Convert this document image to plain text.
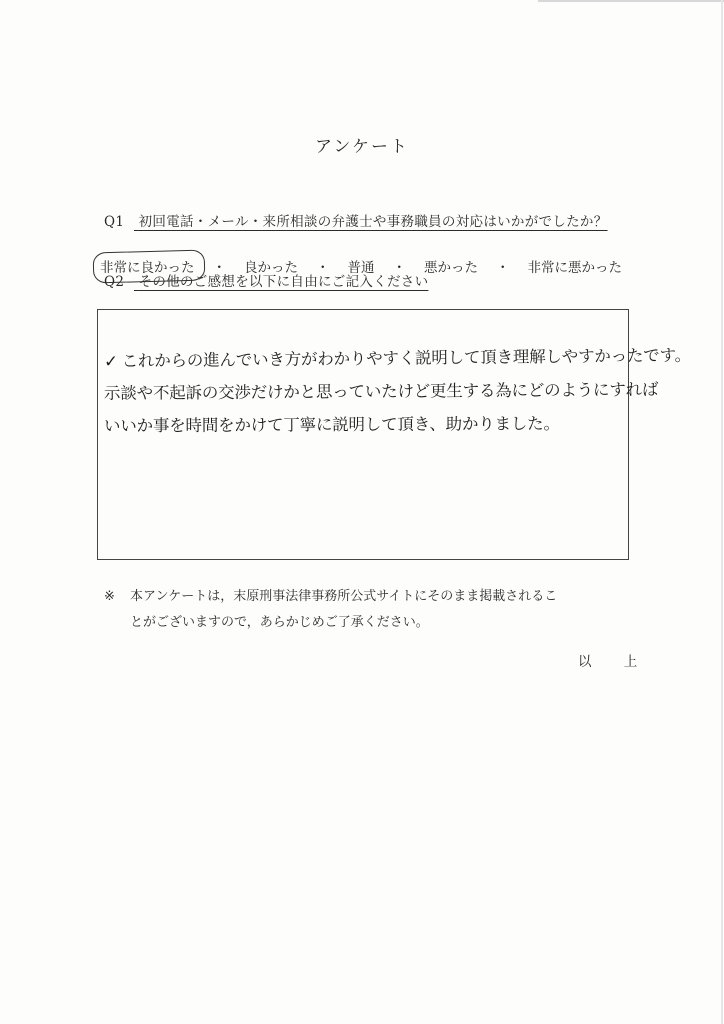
アンケート
Q1 初回電話・メール・来所相談の弁護士や事務職員の対応はいかがでしたか？
非常に良かった ・ 良かった ・ 普通 ・ 悪かった ・ 非常に悪かった
Q2 その他のご感想を以下に自由にご記入ください
✓ これからの進んでいき方がわかりやすく説明して頂き理解しやすかったです。
示談や不起訴の交渉だけかと思っていたけど更生する為にどのようにすれば
いいか事を時間をかけて丁寧に説明して頂き、助かりました。
※ 本アンケートは，末原刑事法律事務所公式サイトにそのまま掲載されるこ
とがございますので，あらかじめご了承ください。
以 上
